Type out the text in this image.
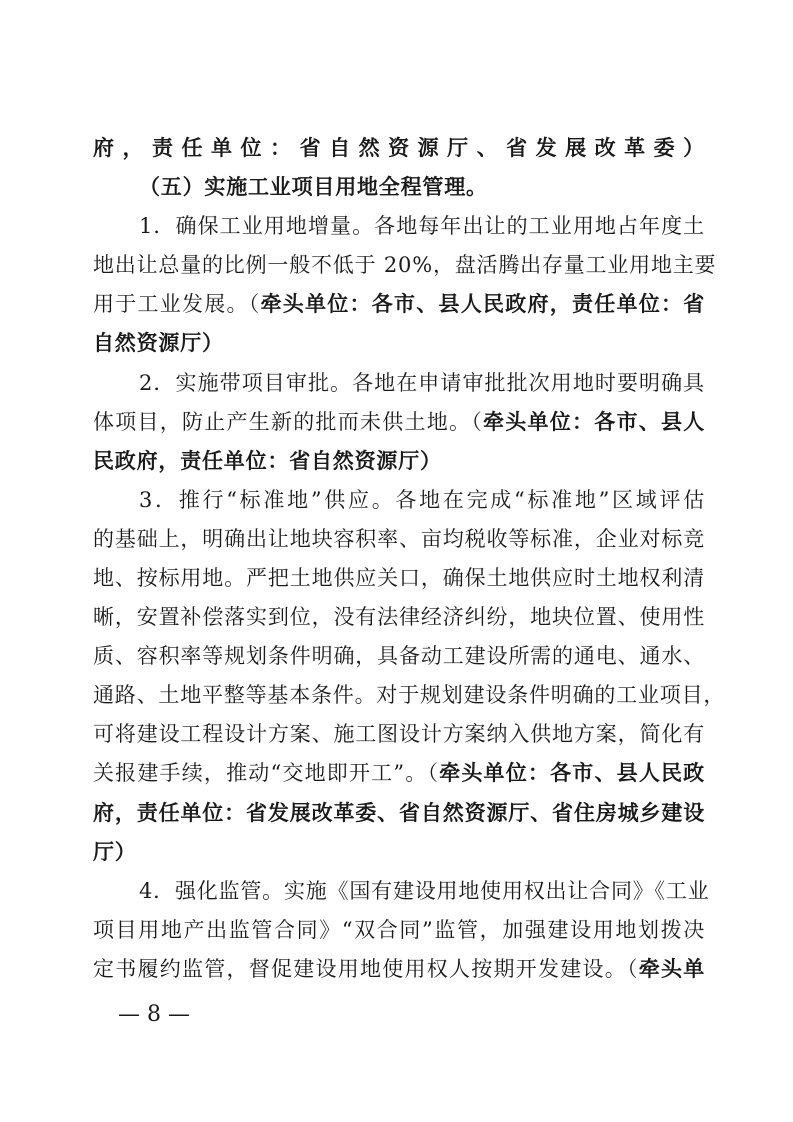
府，责任单位：省自然资源厅、省发展改革委）
（五）实施工业项目用地全程管理。
1．确保工业用地增量。各地每年出让的工业用地占年度土
地出让总量的比例一般不低于 20%，盘活腾出存量工业用地主要
用于工业发展。（牵头单位：各市、县人民政府，责任单位：省
自然资源厅）
2．实施带项目审批。各地在申请审批批次用地时要明确具
体项目，防止产生新的批而未供土地。（牵头单位：各市、县人
民政府，责任单位：省自然资源厅）
3．推行“标准地”供应。各地在完成“标准地”区域评估
的基础上，明确出让地块容积率、亩均税收等标准，企业对标竞
地、按标用地。严把土地供应关口，确保土地供应时土地权利清
晰，安置补偿落实到位，没有法律经济纠纷，地块位置、使用性
质、容积率等规划条件明确，具备动工建设所需的通电、通水、
通路、土地平整等基本条件。对于规划建设条件明确的工业项目，
可将建设工程设计方案、施工图设计方案纳入供地方案，简化有
关报建手续，推动“交地即开工”。（牵头单位：各市、县人民政
府，责任单位：省发展改革委、省自然资源厅、省住房城乡建设
厅）
4．强化监管。实施《国有建设用地使用权出让合同》《工业
项目用地产出监管合同》“双合同”监管，加强建设用地划拨决
定书履约监管，督促建设用地使用权人按期开发建设。（牵头单
— 8 —
